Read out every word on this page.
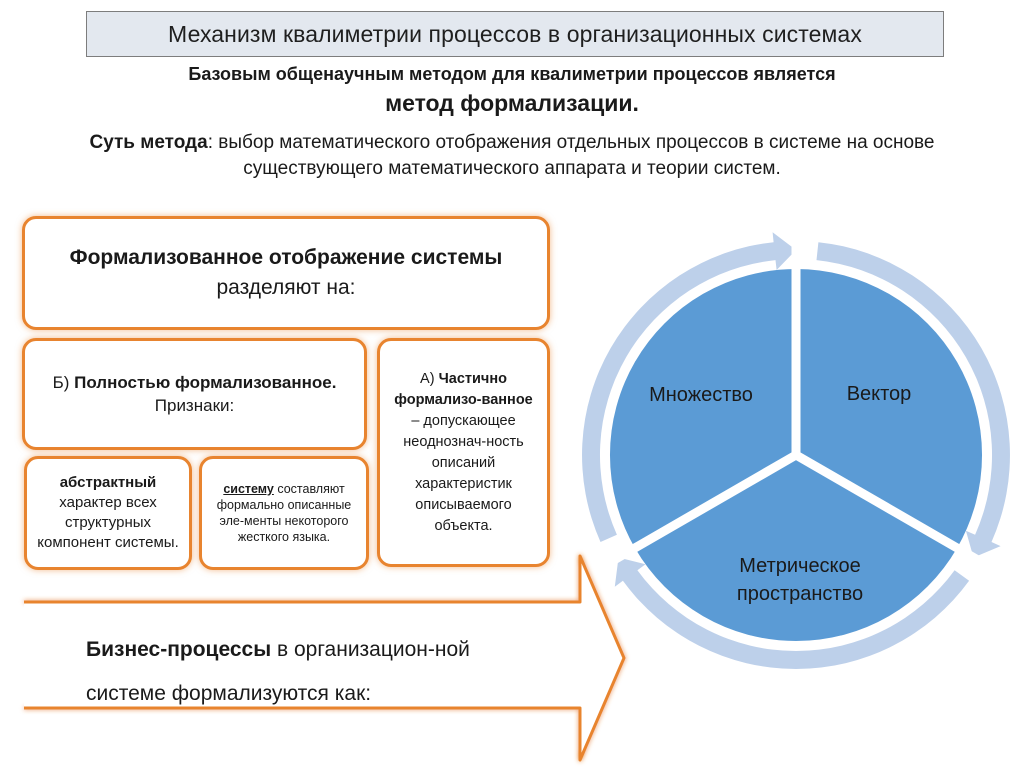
Механизм квалиметрии процессов в организационных системах
Базовым общенаучным методом для квалиметрии процессов является
метод формализации.
Суть метода: выбор математического отображения отдельных процессов в системе на основе существующего математического аппарата и теории систем.
Формализованное отображение системы разделяют на:
Б) Полностью формализованное. Признаки:
А) Частично формализо-ванное – допускающее неоднознач-ность описаний характеристик описываемого объекта.
абстрактный характер всех структурных компонент системы.
систему составляют формально описанные эле-менты некоторого жесткого языка.
Бизнес-процессы в организацион-ной системе формализуются как:
Множество	Вектор
Метрическое пространство
